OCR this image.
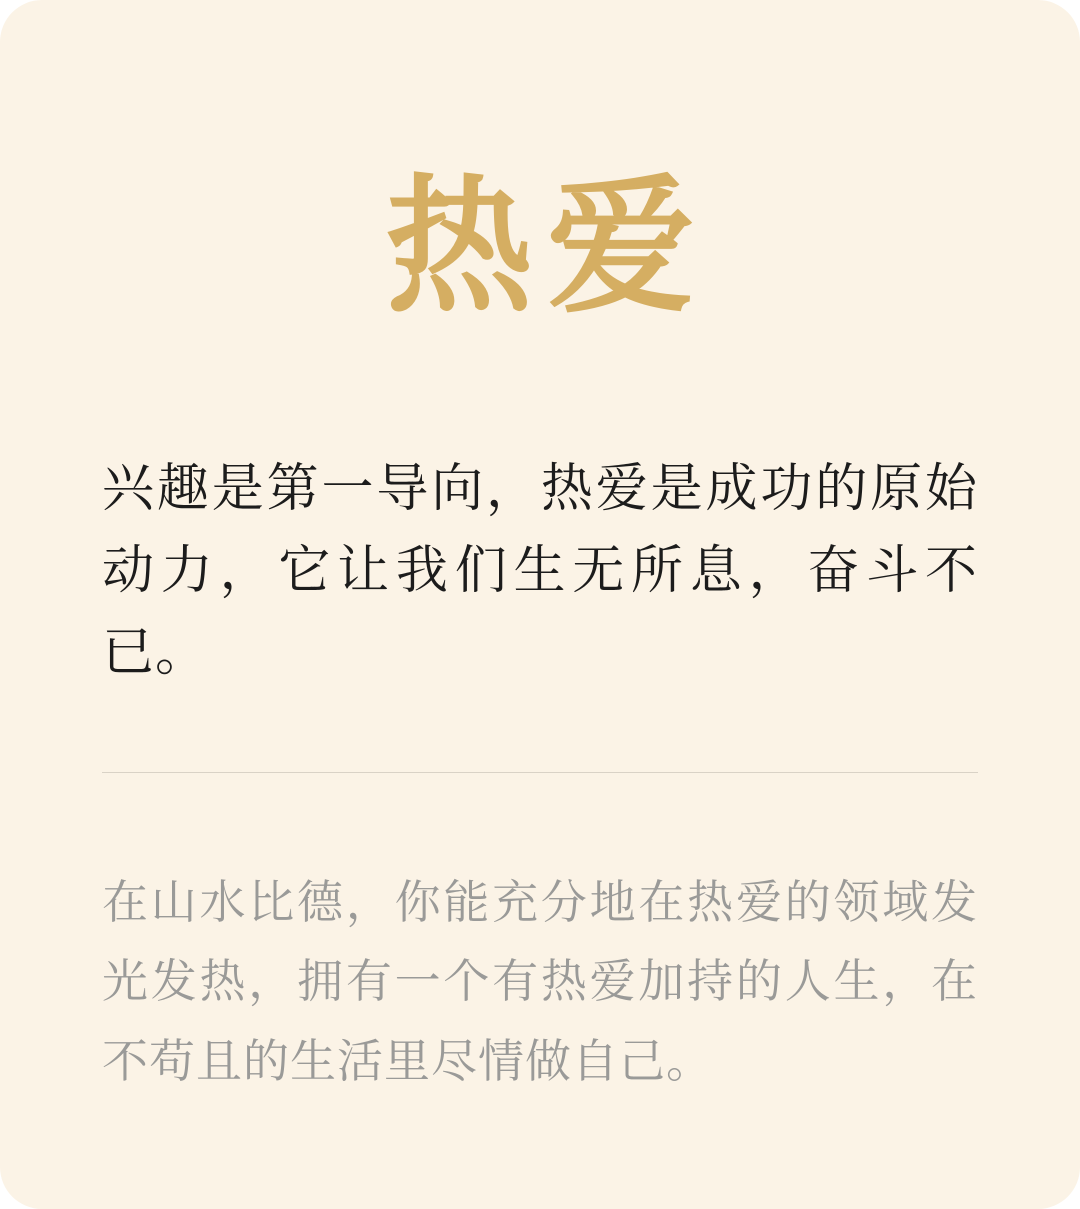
热爱

兴趣是第一导向，热爱是成功的原始动力，它让我们生无所息，奋斗不已。

在山水比德，你能充分地在热爱的领域发光发热，拥有一个有热爱加持的人生，在不苟且的生活里尽情做自己。
